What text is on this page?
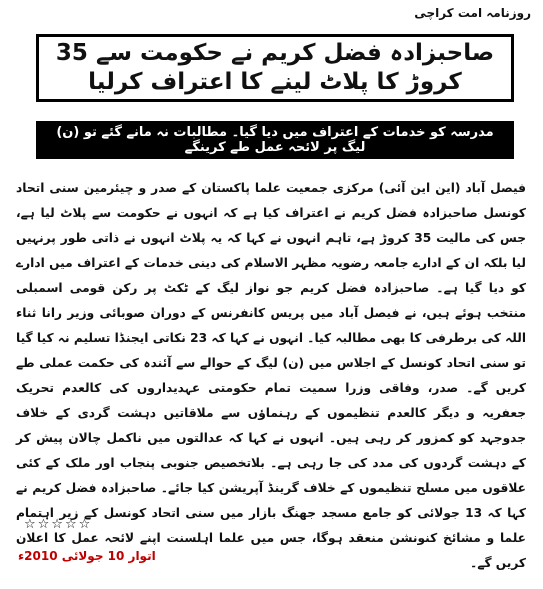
روزنامہ امت کراچی
صاحبزادہ فضل کریم نے حکومت سے 35 کروڑ کا پلاٹ لینے کا اعتراف کرلیا
مدرسہ کو خدمات کے اعتراف میں دیا گیا۔ مطالبات نہ مانے گئے تو (ن) لیگ پر لائحہ عمل طے کرینگے

فیصل آباد (این این آئی) مرکزی جمعیت علما پاکستان کے صدر و چیئرمین سنی اتحاد کونسل صاحبزادہ فضل کریم نے اعتراف کیا ہے کہ انہوں نے حکومت سے پلاٹ لیا ہے، جس کی مالیت 35 کروڑ ہے، تاہم انہوں نے کہا کہ یہ پلاٹ انہوں نے ذاتی طور پرنہیں لیا بلکہ ان کے ادارے جامعہ رضویہ مظہر الاسلام کی دینی خدمات کے اعتراف میں ادارے کو دیا گیا ہے۔ صاحبزادہ فضل کریم جو نواز لیگ کے ٹکٹ پر رکن قومی اسمبلی منتخب ہوئے ہیں، نے فیصل آباد میں پریس کانفرنس کے دوران صوبائی وزیر رانا ثناء اللہ کی برطرفی کا بھی مطالبہ کیا۔ انہوں نے کہا کہ 23 نکاتی ایجنڈا تسلیم نہ کیا گیا تو سنی اتحاد کونسل کے اجلاس میں (ن) لیگ کے حوالے سے آئندہ کی حکمت عملی طے کریں گے۔ صدر، وفاقی وزرا سمیت تمام حکومتی عہدیداروں کی کالعدم تحریک جعفریہ و دیگر کالعدم تنظیموں کے رہنماؤں سے ملاقاتیں دہشت گردی کے خلاف جدوجہد کو کمزور کر رہی ہیں۔ انہوں نے کہا کہ عدالتوں میں ناکمل چالان پیش کر کے دہشت گردوں کی مدد کی جا رہی ہے۔ بلاتخصیص جنوبی پنجاب اور ملک کے کئی علاقوں میں مسلح تنظیموں کے خلاف گرینڈ آپریشن کیا جائے۔ صاحبزادہ فضل کریم نے کہا کہ 13 جولائی کو جامع مسجد جھنگ بازار میں سنی اتحاد کونسل کے زیر اہتمام علما و مشائخ کنونشن منعقد ہوگا، جس میں علما اہلسنت اپنے لائحہ عمل کا اعلان کریں گے۔

☆☆☆☆☆
اتوار 10 جولائی 2010ء
